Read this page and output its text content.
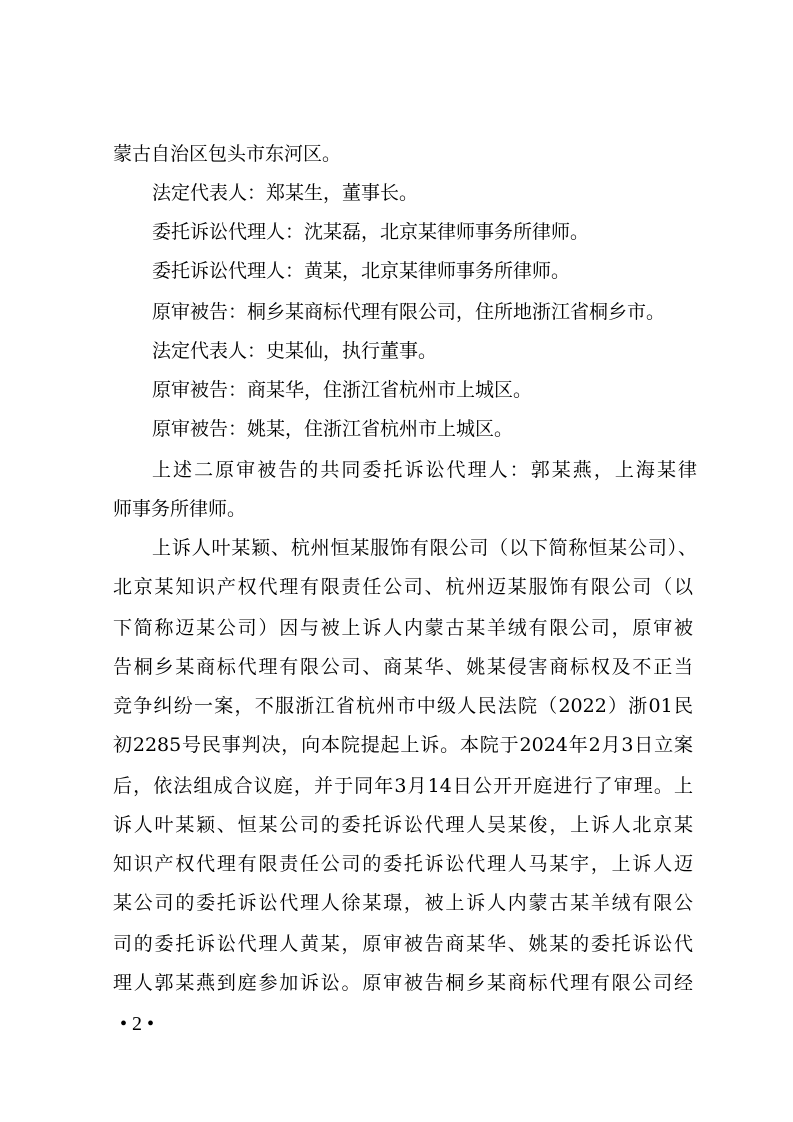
蒙古自治区包头市东河区。
法定代表人：郑某生，董事长。
委托诉讼代理人：沈某磊，北京某律师事务所律师。
委托诉讼代理人：黄某，北京某律师事务所律师。
原审被告：桐乡某商标代理有限公司，住所地浙江省桐乡市。
法定代表人：史某仙，执行董事。
原审被告：商某华，住浙江省杭州市上城区。
原审被告：姚某，住浙江省杭州市上城区。
上述二原审被告的共同委托诉讼代理人：郭某燕，上海某律
师事务所律师。
上诉人叶某颖、杭州恒某服饰有限公司（以下简称恒某公司）、
北京某知识产权代理有限责任公司、杭州迈某服饰有限公司（以
下简称迈某公司）因与被上诉人内蒙古某羊绒有限公司，原审被
告桐乡某商标代理有限公司、商某华、姚某侵害商标权及不正当
竞争纠纷一案，不服浙江省杭州市中级人民法院（2022）浙01民
初2285号民事判决，向本院提起上诉。本院于2024年2月3日立案
后，依法组成合议庭，并于同年3月14日公开开庭进行了审理。上
诉人叶某颖、恒某公司的委托诉讼代理人吴某俊，上诉人北京某
知识产权代理有限责任公司的委托诉讼代理人马某宇，上诉人迈
某公司的委托诉讼代理人徐某璟，被上诉人内蒙古某羊绒有限公
司的委托诉讼代理人黄某，原审被告商某华、姚某的委托诉讼代
理人郭某燕到庭参加诉讼。原审被告桐乡某商标代理有限公司经
• 2 •
